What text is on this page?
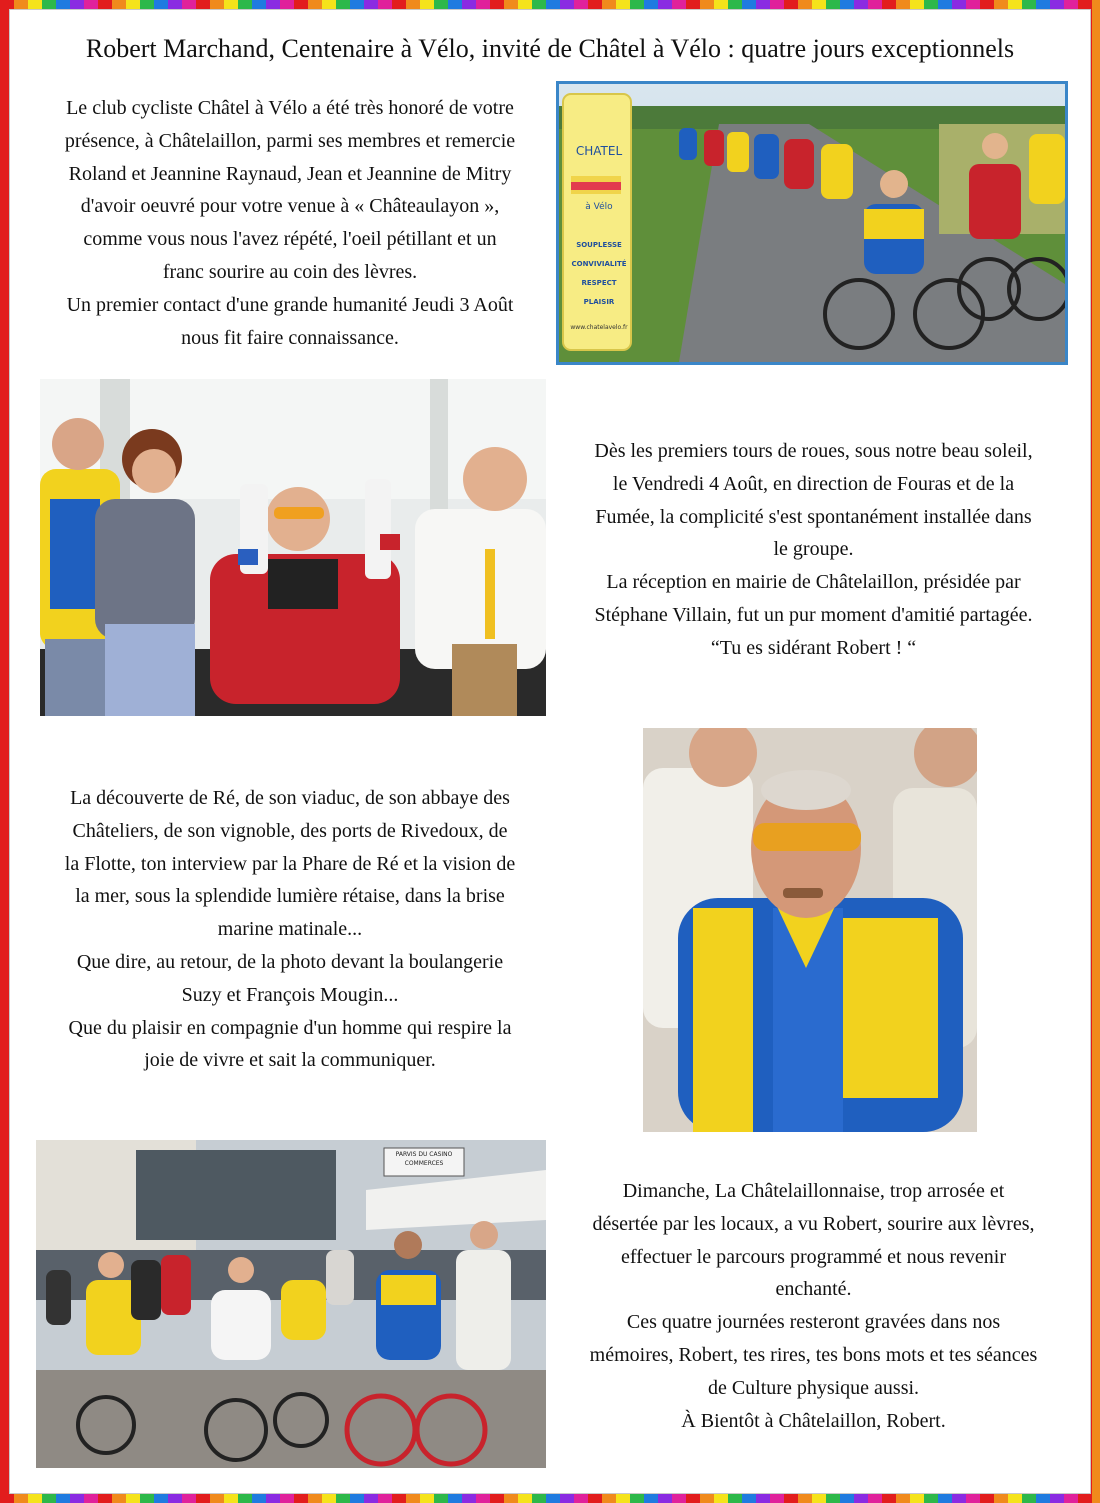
Robert Marchand, Centenaire à Vélo, invité de Châtel à Vélo : quatre jours exceptionnels

Le club cycliste Châtel à Vélo a été très honoré de votre

présence, à Châtelaillon, parmi ses membres et remercie

Roland et Jeannine Raynaud, Jean et Jeannine de Mitry

d'avoir oeuvré pour votre venue à « Châteaulayon »,

comme vous nous l'avez répété, l'oeil pétillant et un

franc sourire au coin des lèvres.

Un premier contact d'une grande humanité Jeudi 3 Août

nous fit faire connaissance.

CHATEL
à Vélo
SOUPLESSE
CONVIVIALITÉ
RESPECT
PLAISIR
www.chatelavelo.fr

Dès les premiers tours de roues, sous notre beau soleil,

le Vendredi 4 Août, en direction de Fouras et de la

Fumée, la complicité s'est spontanément installée dans

le groupe.

La réception en mairie de Châtelaillon, présidée par

Stéphane Villain, fut un pur moment d'amitié partagée.

“Tu es sidérant Robert ! “

La découverte de Ré, de son viaduc, de son abbaye des

Châteliers, de son vignoble, des ports de Rivedoux, de

la Flotte, ton interview par la Phare de Ré et la vision de

la mer, sous la splendide lumière rétaise, dans la brise

marine matinale...

Que dire, au retour, de la photo devant la boulangerie

Suzy et François Mougin...

Que du plaisir en compagnie d'un homme qui respire la

joie de vivre et sait la communiquer.

PARVIS DU CASINO
COMMERCES

Dimanche, La Châtelaillonnaise, trop arrosée et

désertée par les locaux, a vu Robert, sourire aux lèvres,

effectuer le parcours programmé et nous revenir

enchanté.

Ces quatre journées resteront gravées dans nos

mémoires, Robert, tes rires, tes bons mots et tes séances

de Culture physique aussi.

À Bientôt à Châtelaillon, Robert.
